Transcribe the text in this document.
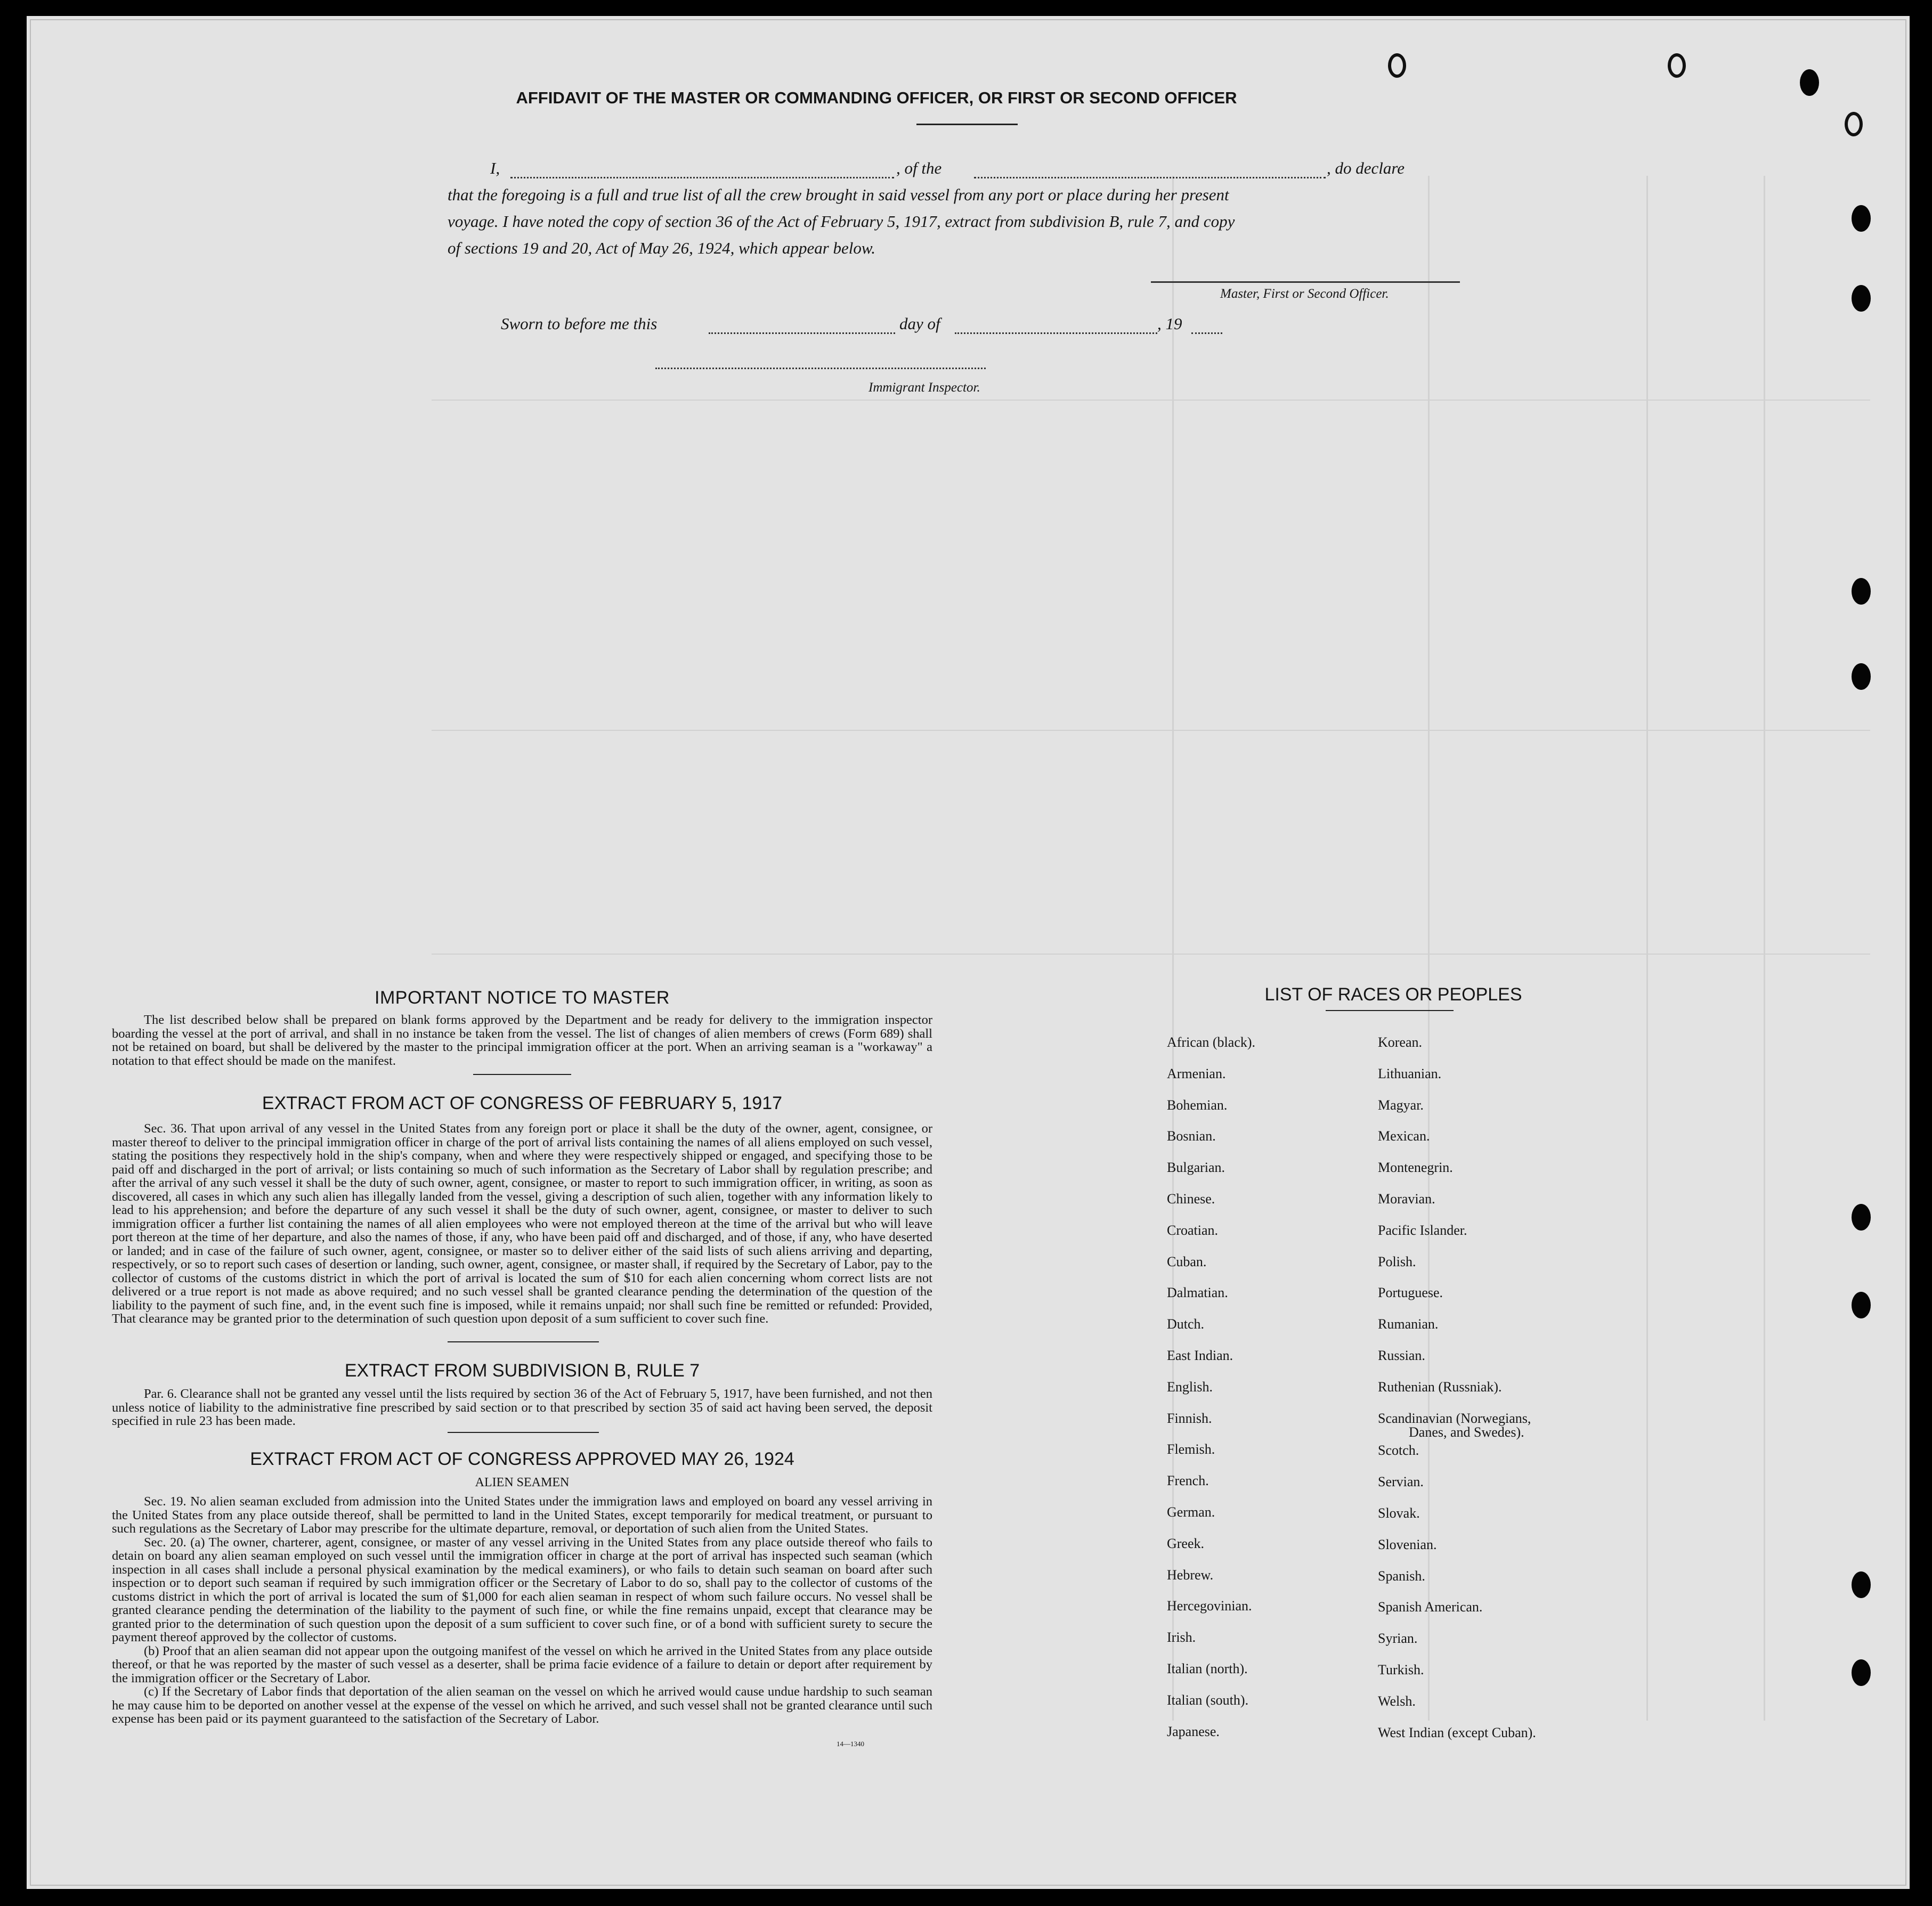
AFFIDAVIT OF THE MASTER OR COMMANDING OFFICER, OR FIRST OR SECOND OFFICER
I,	, of the	, do declare
that the foregoing is a full and true list of all the crew brought in said vessel from any port or place during her present
voyage. I have noted the copy of section 36 of the Act of February 5, 1917, extract from subdivision B, rule 7, and copy
of sections 19 and 20, Act of May 26, 1924, which appear below.
Master, First or Second Officer.
Sworn to before me this	day of	, 19
Immigrant Inspector.
IMPORTANT NOTICE TO MASTER

The list described below shall be prepared on blank forms approved by the Department and be ready for delivery to the immigration inspector boarding the vessel at the port of arrival, and shall in no instance be taken from the vessel. The list of changes of alien members of crews (Form 689) shall not be retained on board, but shall be delivered by the master to the principal immigration officer at the port. When an arriving seaman is a "workaway" a notation to that effect should be made on the manifest.

EXTRACT FROM ACT OF CONGRESS OF FEBRUARY 5, 1917

Sec. 36. That upon arrival of any vessel in the United States from any foreign port or place it shall be the duty of the owner, agent, consignee, or master thereof to deliver to the principal immigration officer in charge of the port of arrival lists containing the names of all aliens employed on such vessel, stating the positions they respectively hold in the ship's company, when and where they were respectively shipped or engaged, and specifying those to be paid off and discharged in the port of arrival; or lists containing so much of such information as the Secretary of Labor shall by regulation prescribe; and after the arrival of any such vessel it shall be the duty of such owner, agent, consignee, or master to report to such immigration officer, in writing, as soon as discovered, all cases in which any such alien has illegally landed from the vessel, giving a description of such alien, together with any information likely to lead to his apprehension; and before the departure of any such vessel it shall be the duty of such owner, agent, consignee, or master to deliver to such immigration officer a further list containing the names of all alien employees who were not employed thereon at the time of the arrival but who will leave port thereon at the time of her departure, and also the names of those, if any, who have been paid off and discharged, and of those, if any, who have deserted or landed; and in case of the failure of such owner, agent, consignee, or master so to deliver either of the said lists of such aliens arriving and departing, respectively, or so to report such cases of desertion or landing, such owner, agent, consignee, or master shall, if required by the Secretary of Labor, pay to the collector of customs of the customs district in which the port of arrival is located the sum of $10 for each alien concerning whom correct lists are not delivered or a true report is not made as above required; and no such vessel shall be granted clearance pending the determination of the question of the liability to the payment of such fine, and, in the event such fine is imposed, while it remains unpaid; nor shall such fine be remitted or refunded: Provided, That clearance may be granted prior to the determination of such question upon deposit of a sum sufficient to cover such fine.

EXTRACT FROM SUBDIVISION B, RULE 7

Par. 6. Clearance shall not be granted any vessel until the lists required by section 36 of the Act of February 5, 1917, have been furnished, and not then unless notice of liability to the administrative fine prescribed by said section or to that prescribed by section 35 of said act having been served, the deposit specified in rule 23 has been made.

EXTRACT FROM ACT OF CONGRESS APPROVED MAY 26, 1924
ALIEN SEAMEN

Sec. 19. No alien seaman excluded from admission into the United States under the immigration laws and employed on board any vessel arriving in the United States from any place outside thereof, shall be permitted to land in the United States, except temporarily for medical treatment, or pursuant to such regulations as the Secretary of Labor may prescribe for the ultimate departure, removal, or deportation of such alien from the United States.

Sec. 20. (a) The owner, charterer, agent, consignee, or master of any vessel arriving in the United States from any place outside thereof who fails to detain on board any alien seaman employed on such vessel until the immigration officer in charge at the port of arrival has inspected such seaman (which inspection in all cases shall include a personal physical examination by the medical examiners), or who fails to detain such seaman on board after such inspection or to deport such seaman if required by such immigration officer or the Secretary of Labor to do so, shall pay to the collector of customs of the customs district in which the port of arrival is located the sum of $1,000 for each alien seaman in respect of whom such failure occurs. No vessel shall be granted clearance pending the determination of the liability to the payment of such fine, or while the fine remains unpaid, except that clearance may be granted prior to the determination of such question upon the deposit of a sum sufficient to cover such fine, or of a bond with sufficient surety to secure the payment thereof approved by the collector of customs.

(b) Proof that an alien seaman did not appear upon the outgoing manifest of the vessel on which he arrived in the United States from any place outside thereof, or that he was reported by the master of such vessel as a deserter, shall be prima facie evidence of a failure to detain or deport after requirement by the immigration officer or the Secretary of Labor.

(c) If the Secretary of Labor finds that deportation of the alien seaman on the vessel on which he arrived would cause undue hardship to such seaman he may cause him to be deported on another vessel at the expense of the vessel on which he arrived, and such vessel shall not be granted clearance until such expense has been paid or its payment guaranteed to the satisfaction of the Secretary of Labor.

14—1340
LIST OF RACES OR PEOPLES
African (black).
Armenian.
Bohemian.
Bosnian.
Bulgarian.
Chinese.
Croatian.
Cuban.
Dalmatian.
Dutch.
East Indian.
English.
Finnish.
Flemish.
French.
German.
Greek.
Hebrew.
Hercegovinian.
Irish.
Italian (north).
Italian (south).
Japanese.
Korean.
Lithuanian.
Magyar.
Mexican.
Montenegrin.
Moravian.
Pacific Islander.
Polish.
Portuguese.
Rumanian.
Russian.
Ruthenian (Russniak).
Scandinavian (Norwegians,
Danes, and Swedes).
Scotch.
Servian.
Slovak.
Slovenian.
Spanish.
Spanish American.
Syrian.
Turkish.
Welsh.
West Indian (except Cuban).
